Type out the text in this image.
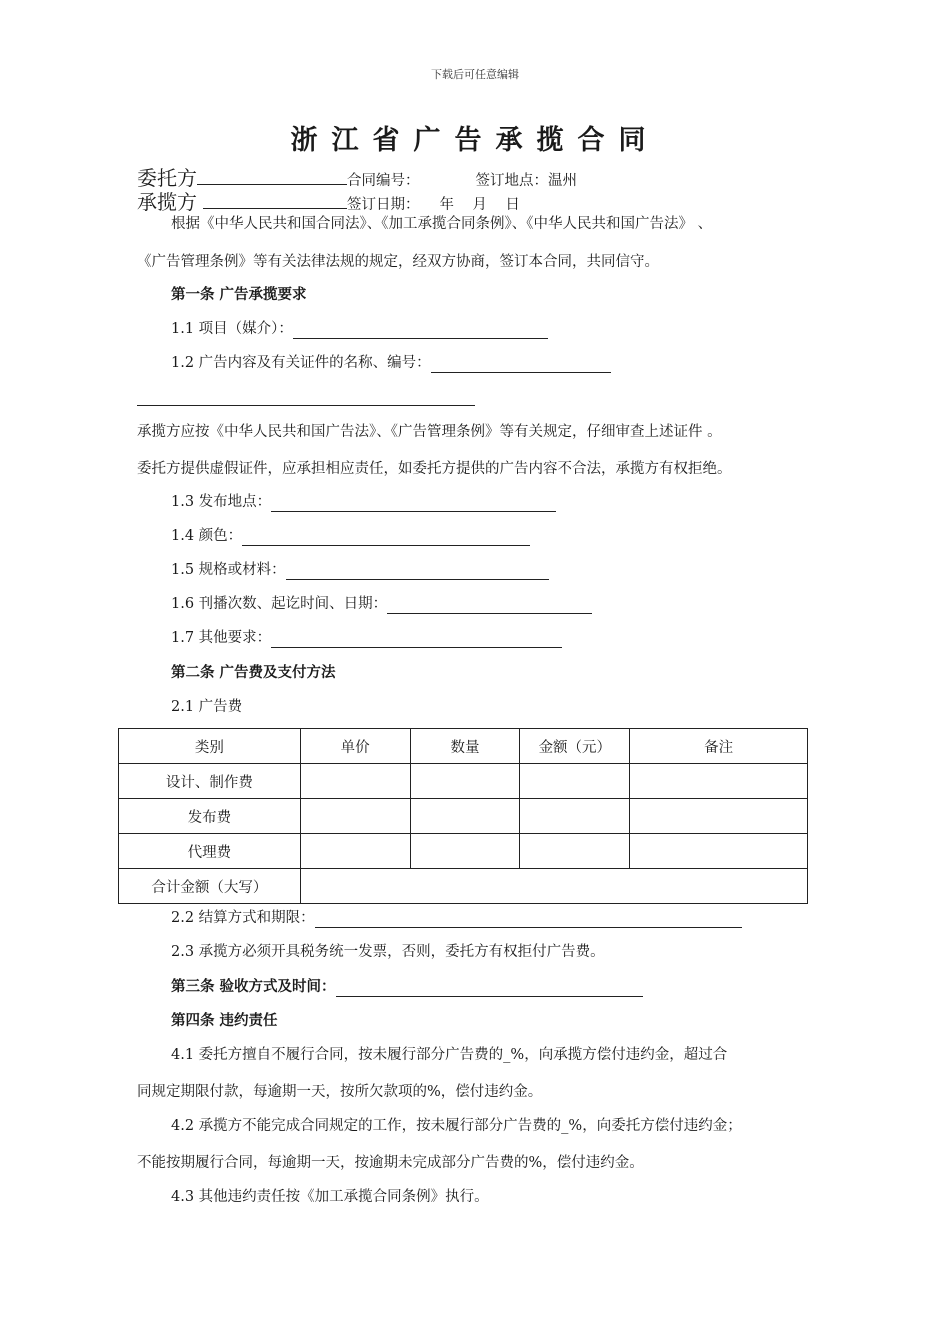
下载后可任意编辑
浙江省广告承揽合同
委托方	合同编号：	签订地点：温州
承揽方	签订日期： 年    月    日
根据《中华人民共和国合同法》、《加工承揽合同条例》、《中华人民共和国广告法》 、
《广告管理条例》等有关法律法规的规定，经双方协商，签订本合同，共同信守。
第一条 广告承揽要求
1.1 项目（媒介）：
1.2 广告内容及有关证件的名称、编号：
承揽方应按《中华人民共和国广告法》、《广告管理条例》等有关规定，仔细审查上述证件 。
委托方提供虚假证件，应承担相应责任，如委托方提供的广告内容不合法，承揽方有权拒绝。
1.3 发布地点：
1.4 颜色：
1.5 规格或材料：
1.6 刊播次数、起讫时间、日期：
1.7 其他要求：
第二条 广告费及支付方法
2.1 广告费
类别	单价	数量	金额（元）	备注
设计、制作费				
发布费				
代理费				
合计金额（大写）				
2.2 结算方式和期限：
2.3 承揽方必须开具税务统一发票，否则，委托方有权拒付广告费。
第三条 验收方式及时间：
第四条 违约责任
4.1 委托方擅自不履行合同，按未履行部分广告费的_%，向承揽方偿付违约金，超过合
同规定期限付款，每逾期一天，按所欠款项的%，偿付违约金。
4.2 承揽方不能完成合同规定的工作，按未履行部分广告费的_%，向委托方偿付违约金；
不能按期履行合同，每逾期一天，按逾期未完成部分广告费的%，偿付违约金。
4.3 其他违约责任按《加工承揽合同条例》执行。
